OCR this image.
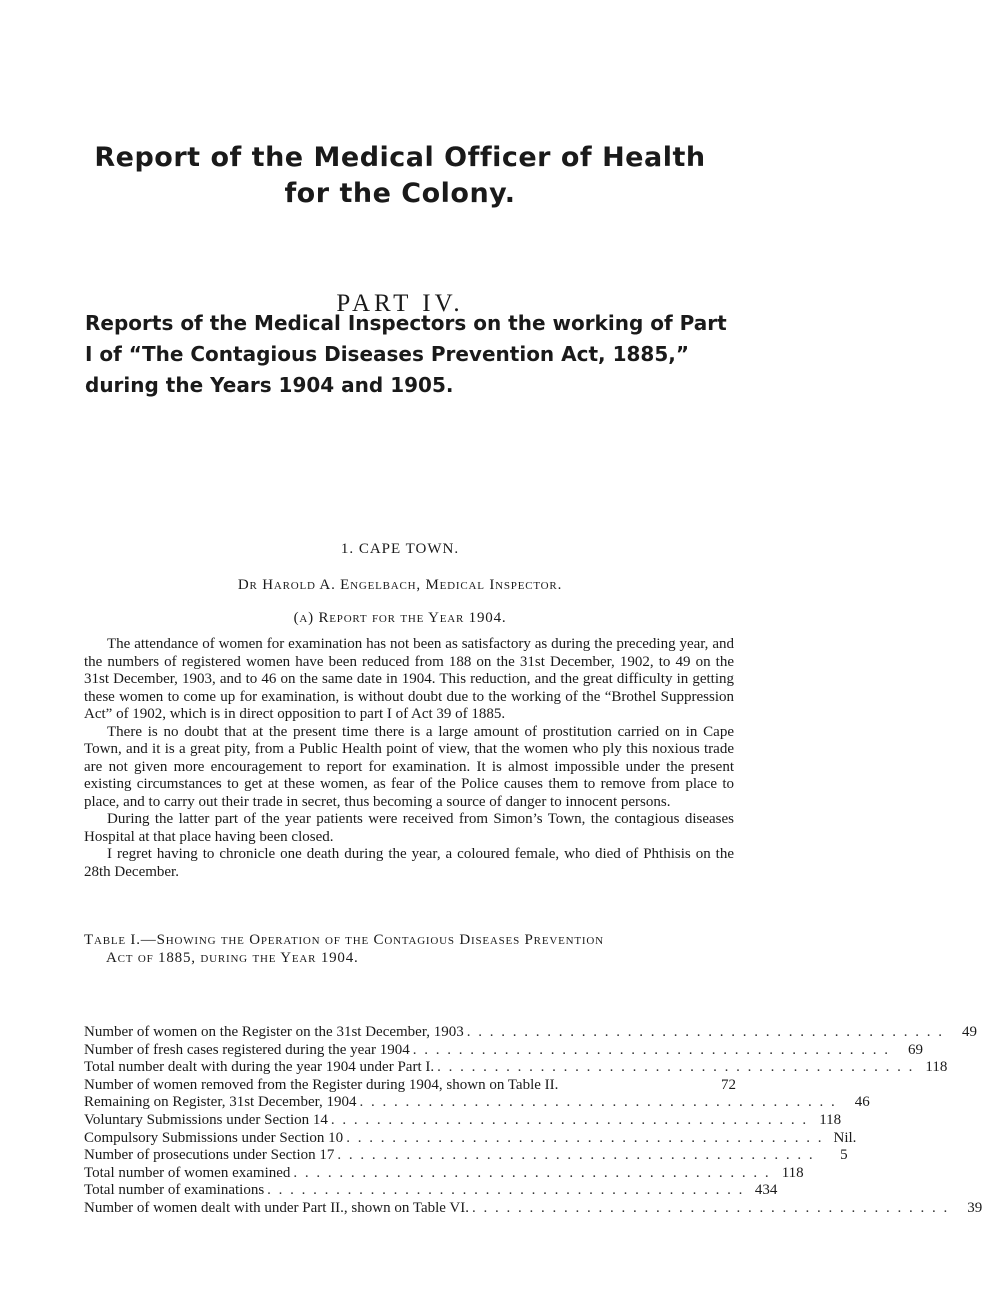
Report of the Medical Officer of Health
for the Colony.
PART IV.
Reports of the Medical Inspectors on the working of Part I of “The Contagious Diseases Prevention Act, 1885,” during the Years 1904 and 1905.
1. CAPE TOWN.
Dr Harold A. Engelbach, Medical Inspector.
(a) Report for the Year 1904.

The attendance of women for examination has not been as satisfactory as during the preceding year, and the numbers of registered women have been reduced from 188 on the 31st December, 1902, to 49 on the 31st December, 1903, and to 46 on the same date in 1904. This reduction, and the great difficulty in getting these women to come up for examination, is without doubt due to the working of the “Brothel Suppression Act” of 1902, which is in direct opposition to part I of Act 39 of 1885.

There is no doubt that at the present time there is a large amount of prostitution carried on in Cape Town, and it is a great pity, from a Public Health point of view, that the women who ply this noxious trade are not given more encouragement to report for examination. It is almost impossible under the present existing circumstances to get at these women, as fear of the Police causes them to remove from place to place, and to carry out their trade in secret, thus becoming a source of danger to innocent persons.

During the latter part of the year patients were received from Simon’s Town, the contagious diseases Hospital at that place having been closed.

I regret having to chronicle one death during the year, a coloured female, who died of Phthisis on the 28th December.

Table I.—Showing the Operation of the Contagious Diseases Prevention
Act of 1885, during the Year 1904.
Number of women on the Register on the 31st December, 1903 . . . . . . . . . . . . . . . . . . . . . . . . . . . . . . . . . . . . . . . . . .	49
Number of fresh cases registered during the year 1904 . . . . . . . . . . . . . . . . . . . . . . . . . . . . . . . . . . . . . . . . . .	69
Total number dealt with during the year 1904 under Part I. . . . . . . . . . . . . . . . . . . . . . . . . . . . . . . . . . . . . . . . . . . 118
Number of women removed from the Register during 1904, shown on Table II.	72
Remaining on Register, 31st December, 1904 . . . . . . . . . . . . . . . . . . . . . . . . . . . . . . . . . . . . . . . . . .	46
Voluntary Submissions under Section 14 . . . . . . . . . . . . . . . . . . . . . . . . . . . . . . . . . . . . . . . . . . 118
Compulsory Submissions under Section 10 . . . . . . . . . . . . . . . . . . . . . . . . . . . . . . . . . . . . . . . . . . Nil.
Number of prosecutions under Section 17 . . . . . . . . . . . . . . . . . . . . . . . . . . . . . . . . . . . . . . . . . .	5
Total number of women examined . . . . . . . . . . . . . . . . . . . . . . . . . . . . . . . . . . . . . . . . . . 118
Total number of examinations . . . . . . . . . . . . . . . . . . . . . . . . . . . . . . . . . . . . . . . . . . 434
Number of women dealt with under Part II., shown on Table VI. . . . . . . . . . . . . . . . . . . . . . . . . . . . . . . . . . . . . . . . . . .	39
